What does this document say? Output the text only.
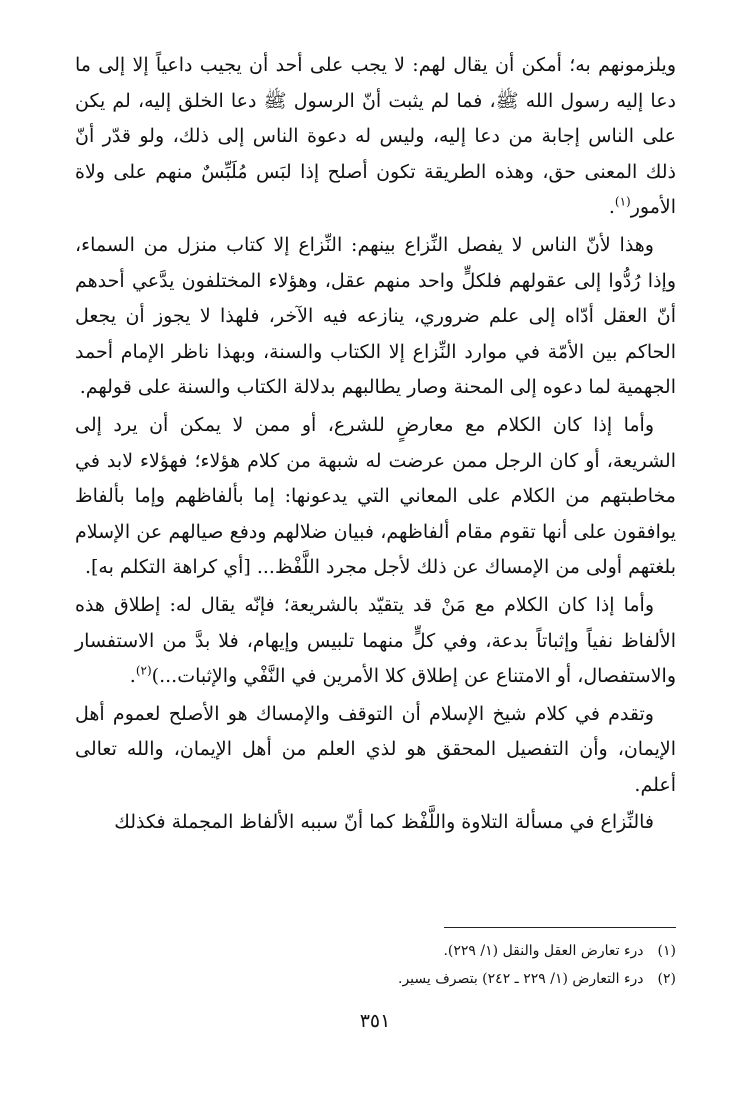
ويلزمونهم به؛ أمكن أن يقال لهم: لا يجب على أحد أن يجيب داعياً إلا إلى ما دعا إليه رسول الله ﷺ، فما لم يثبت أنّ الرسول ﷺ دعا الخلق إليه، لم يكن على الناس إجابة من دعا إليه، وليس له دعوة الناس إلى ذلك، ولو قدّر أنّ ذلك المعنى حق، وهذه الطريقة تكون أصلح إذا لبَس مُلَبِّسٌ منهم على ولاة الأمور$^{(١)}$.

وهذا لأنّ الناس لا يفصل النِّزاع بينهم: النِّزاع إلا كتاب منزل من السماء، وإذا رُدُّوا إلى عقولهم فلكلٍّ واحد منهم عقل، وهؤلاء المختلفون يدَّعي أحدهم أنّ العقل أدّاه إلى علم ضروري، ينازعه فيه الآخر، فلهذا لا يجوز أن يجعل الحاكم بين الأمّة في موارد النِّزاع إلا الكتاب والسنة، وبهذا ناظر الإمام أحمد الجهمية لما دعوه إلى المحنة وصار يطالبهم بدلالة الكتاب والسنة على قولهم.

وأما إذا كان الكلام مع معارضٍ للشرع، أو ممن لا يمكن أن يرد إلى الشريعة، أو كان الرجل ممن عرضت له شبهة من كلام هؤلاء؛ فهؤلاء لابد في مخاطبتهم من الكلام على المعاني التي يدعونها: إما بألفاظهم وإما بألفاظ يوافقون على أنها تقوم مقام ألفاظهم، فبيان ضلالهم ودفع صيالهم عن الإسلام بلغتهم أولى من الإمساك عن ذلك لأجل مجرد اللَّفْظ... [أي كراهة التكلم به].

وأما إذا كان الكلام مع مَنْ قد يتقيّد بالشريعة؛ فإنّه يقال له: إطلاق هذه الألفاظ نفياً وإثباتاً بدعة، وفي كلٍّ منهما تلبيس وإيهام، فلا بدَّ من الاستفسار والاستفصال، أو الامتناع عن إطلاق كلا الأمرين في النَّفْي والإثبات...)$^{(٢)}$.

وتقدم في كلام شيخ الإسلام أن التوقف والإمساك هو الأصلح لعموم أهل الإيمان، وأن التفصيل المحقق هو لذي العلم من أهل الإيمان، والله تعالى أعلم.

فالنِّزاع في مسألة التلاوة واللَّفْظ كما أنّ سببه الألفاظ المجملة فكذلك

(١)
درء تعارض العقل والنقل (١/ ٢٢٩).
(٢)
درء التعارض (١/ ٢٢٩ ـ ٢٤٢) بتصرف يسير.
٣٥١
